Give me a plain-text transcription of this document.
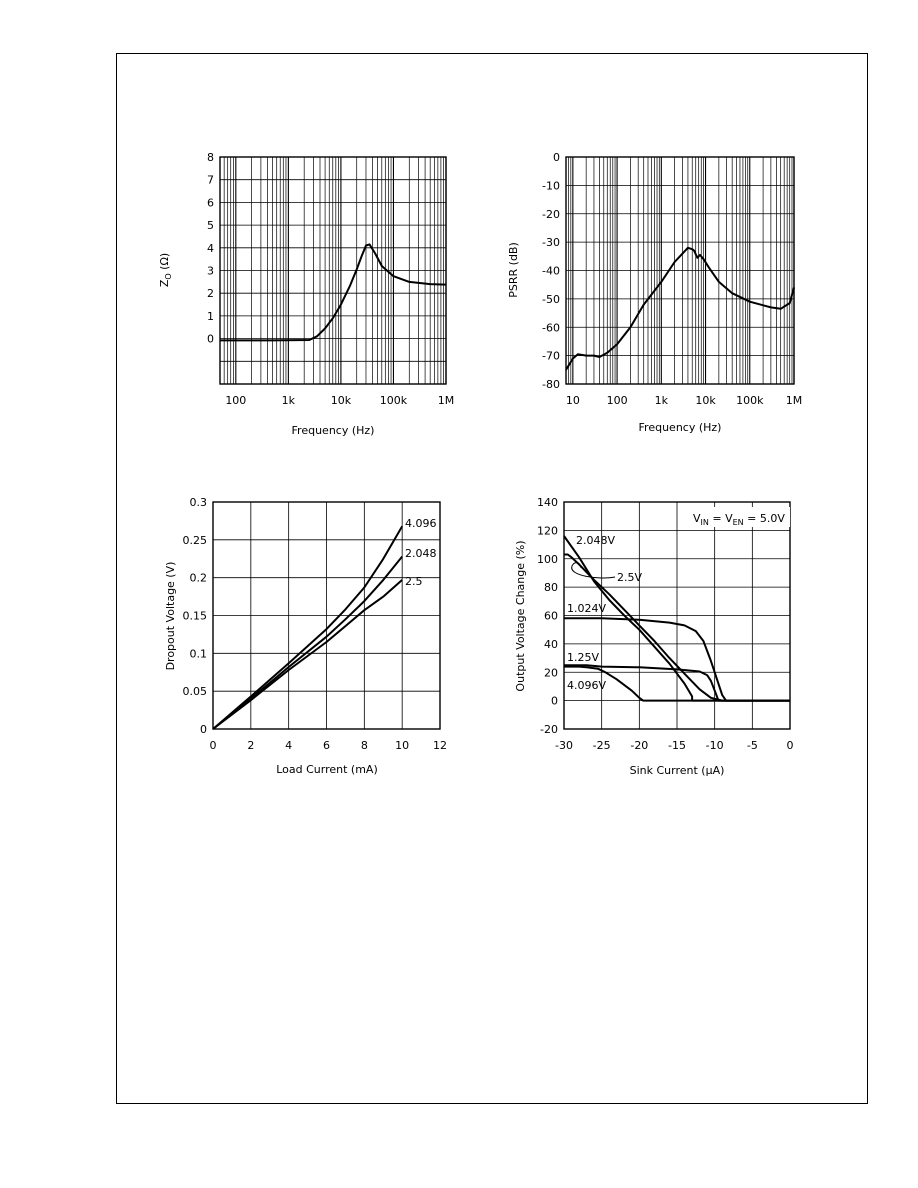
100	1k	10k	100k	1M
0
1
2
3
4
5
6
7
8
Frequency (Hz)
$Z_O$ (Ω)
10 100 1k 10k 100k 1M
0
-10
-20
-30
-40
-50
-60
-70
-80
Frequency (Hz)
PSRR (dB)
0	2	4	6	8 10 12
0
0.05
0.1
0.15
0.2
0.25
0.3
4.096
2.048
2.5
Load Current (mA)
Dropout Voltage (V)
-30 -25 -20 -15 -10 -5	0
-20
0
20
40
60
80
100
120
140
$V_{IN} = V_{EN} = 5.0V$
2.048V
2.5V
1.024V
1.25V
4.096V
Sink Current (μA)
Output Voltage Change (%)
